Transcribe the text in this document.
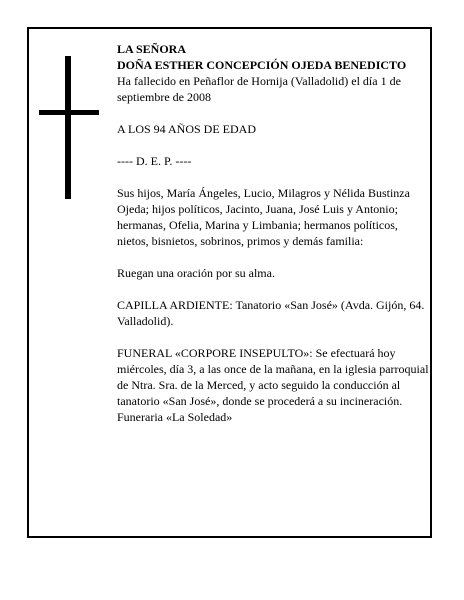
LA SEÑORA

DOÑA ESTHER CONCEPCIÓN OJEDA BENEDICTO

Ha fallecido en Peñaflor de Hornija (Valladolid) el día 1 de septiembre de 2008

A LOS 94 AÑOS DE EDAD

---- D. E. P. ----

Sus hijos, María Ángeles, Lucio, Milagros y Nélida Bustinza Ojeda; hijos políticos, Jacinto, Juana, José Luis y Antonio; hermanas, Ofelia, Marina y Limbania; hermanos políticos, nietos, bisnietos, sobrinos, primos y demás familia:

Ruegan una oración por su alma.

CAPILLA ARDIENTE: Tanatorio «San José» (Avda. Gijón, 64. Valladolid).

FUNERAL «CORPORE INSEPULTO»: Se efectuará hoy miércoles, día 3, a las once de la mañana, en la iglesia parroquial de Ntra. Sra. de la Merced, y acto seguido la conducción al tanatorio «San José», donde se procederá a su incineración.

Funeraria «La Soledad»
